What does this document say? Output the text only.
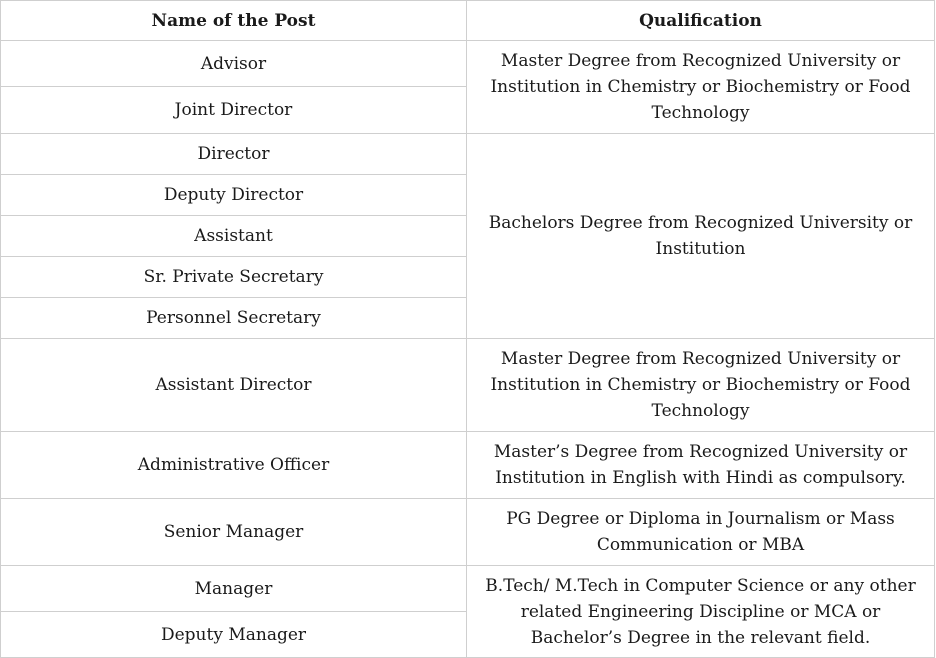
Name of the Post	Qualification
Advisor	Master Degree from Recognized University or Institution in Chemistry or Biochemistry or Food Technology
Joint Director	
Director	Bachelors Degree from Recognized University or Institution
Deputy Director	
Assistant	
Sr. Private Secretary	
Personnel Secretary	
Assistant Director	Master Degree from Recognized University or Institution in Chemistry or Biochemistry or Food Technology
Administrative Officer	Master’s Degree from Recognized University or Institution in English with Hindi as compulsory.
Senior Manager	PG Degree or Diploma in Journalism or Mass Communication or MBA
Manager	B.Tech/ M.Tech in Computer Science or any other related Engineering Discipline or MCA or Bachelor’s Degree in the relevant field.
Deputy Manager	
